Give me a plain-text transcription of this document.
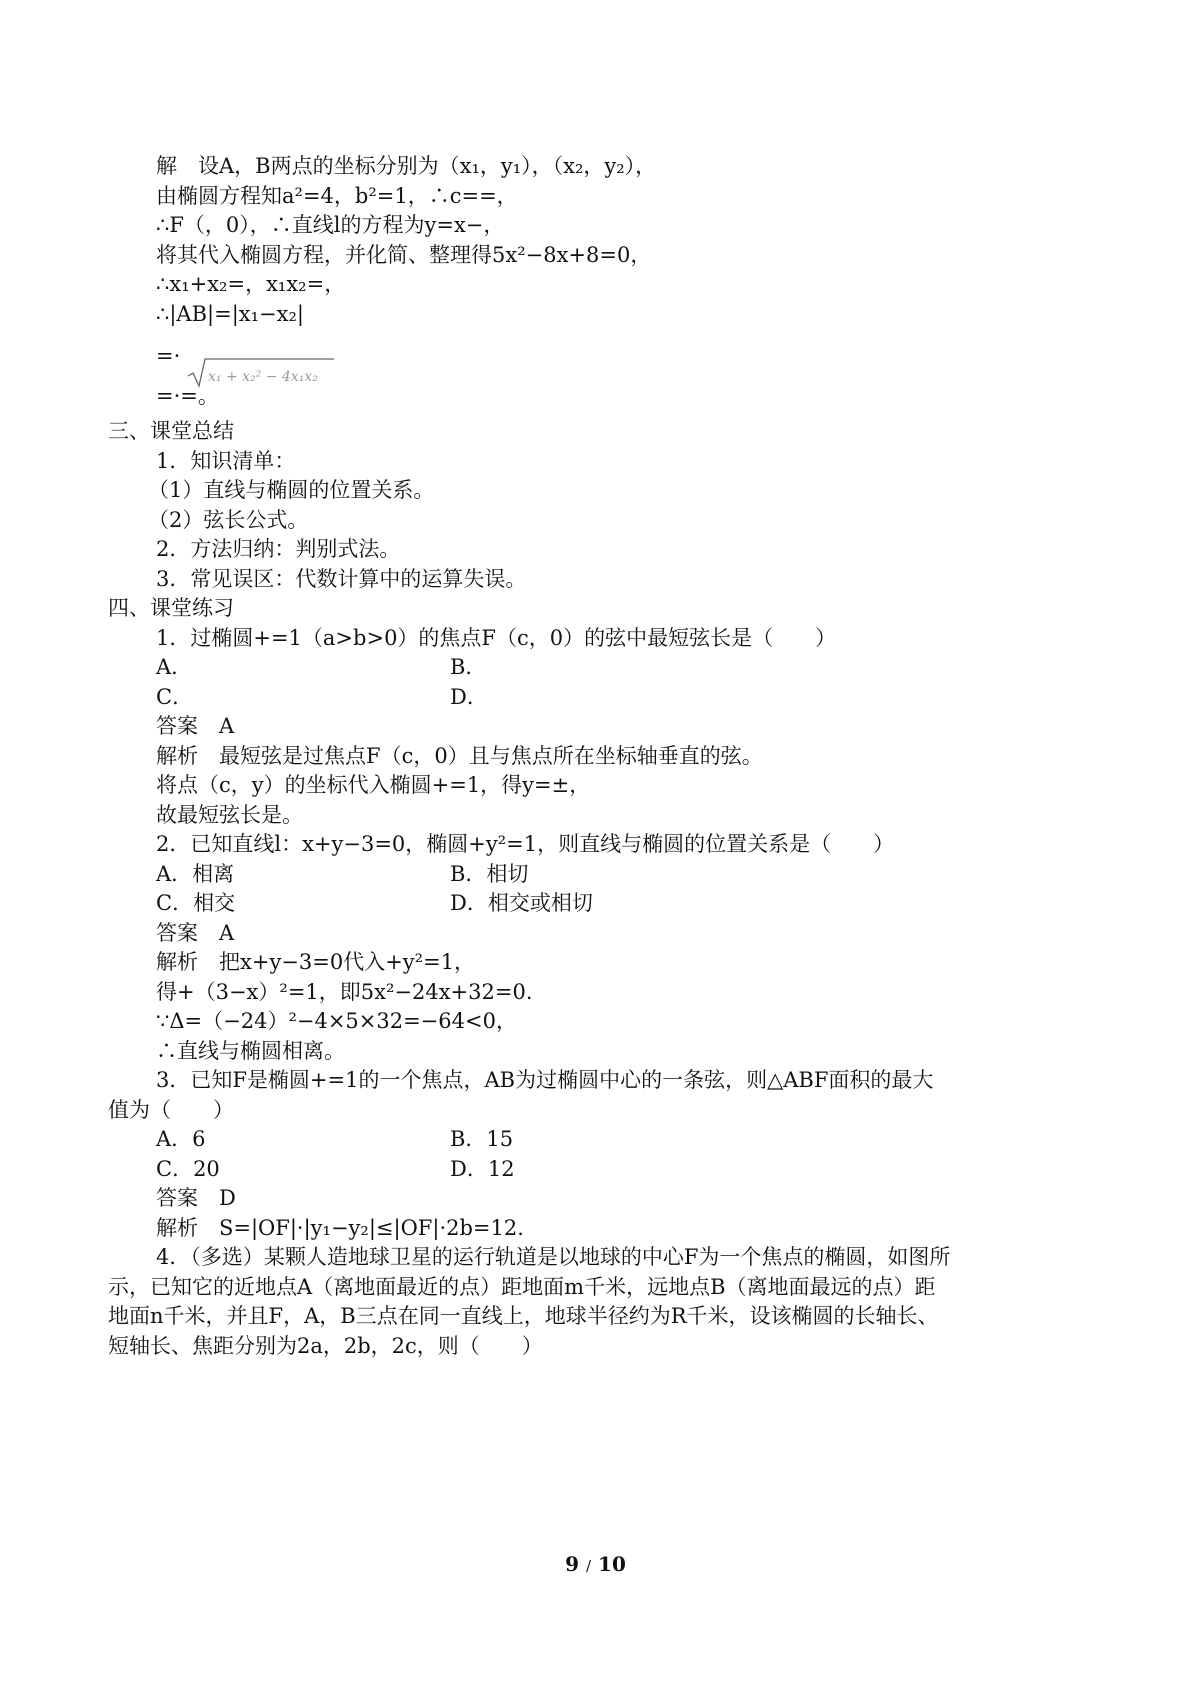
解　设A，B两点的坐标分别为（x₁，y₁），（x₂，y₂），
由椭圆方程知a²=4，b²=1，∴c==，
∴F（，0），∴直线l的方程为y=x−，
将其代入椭圆方程，并化简、整理得5x²−8x+8=0，
∴x₁+x₂=，x₁x₂=，
∴|AB|=|x₁−x₂|
=·
x₁ + x₂² − 4x₁x₂
=·=。
三、课堂总结
1．知识清单：
（1）直线与椭圆的位置关系。
（2）弦长公式。
2．方法归纳：判别式法。
3．常见误区：代数计算中的运算失误。
四、课堂练习
1．过椭圆+=1（a>b>0）的焦点F（c，0）的弦中最短弦长是（　　）
A．	B．
C．	D．
答案　A
解析　最短弦是过焦点F（c，0）且与焦点所在坐标轴垂直的弦。
将点（c，y）的坐标代入椭圆+=1，得y=±，
故最短弦长是。
2．已知直线l：x+y−3=0，椭圆+y²=1，则直线与椭圆的位置关系是（　　）
A．相离	B．相切
C．相交	D．相交或相切
答案　A
解析　把x+y−3=0代入+y²=1，
得+（3−x）²=1，即5x²−24x+32=0.
∵Δ=（−24）²−4×5×32=−64<0，
∴直线与椭圆相离。
3．已知F是椭圆+=1的一个焦点，AB为过椭圆中心的一条弦，则△ABF面积的最大
值为（　　）
A．6	B．15
C．20	D．12
答案　D
解析　S=|OF|·|y₁−y₂|≤|OF|·2b=12.
4．（多选）某颗人造地球卫星的运行轨道是以地球的中心F为一个焦点的椭圆，如图所
示，已知它的近地点A（离地面最近的点）距地面m千米，远地点B（离地面最远的点）距
地面n千米，并且F，A，B三点在同一直线上，地球半径约为R千米，设该椭圆的长轴长、
短轴长、焦距分别为2a，2b，2c，则（　　）
9 / 10
